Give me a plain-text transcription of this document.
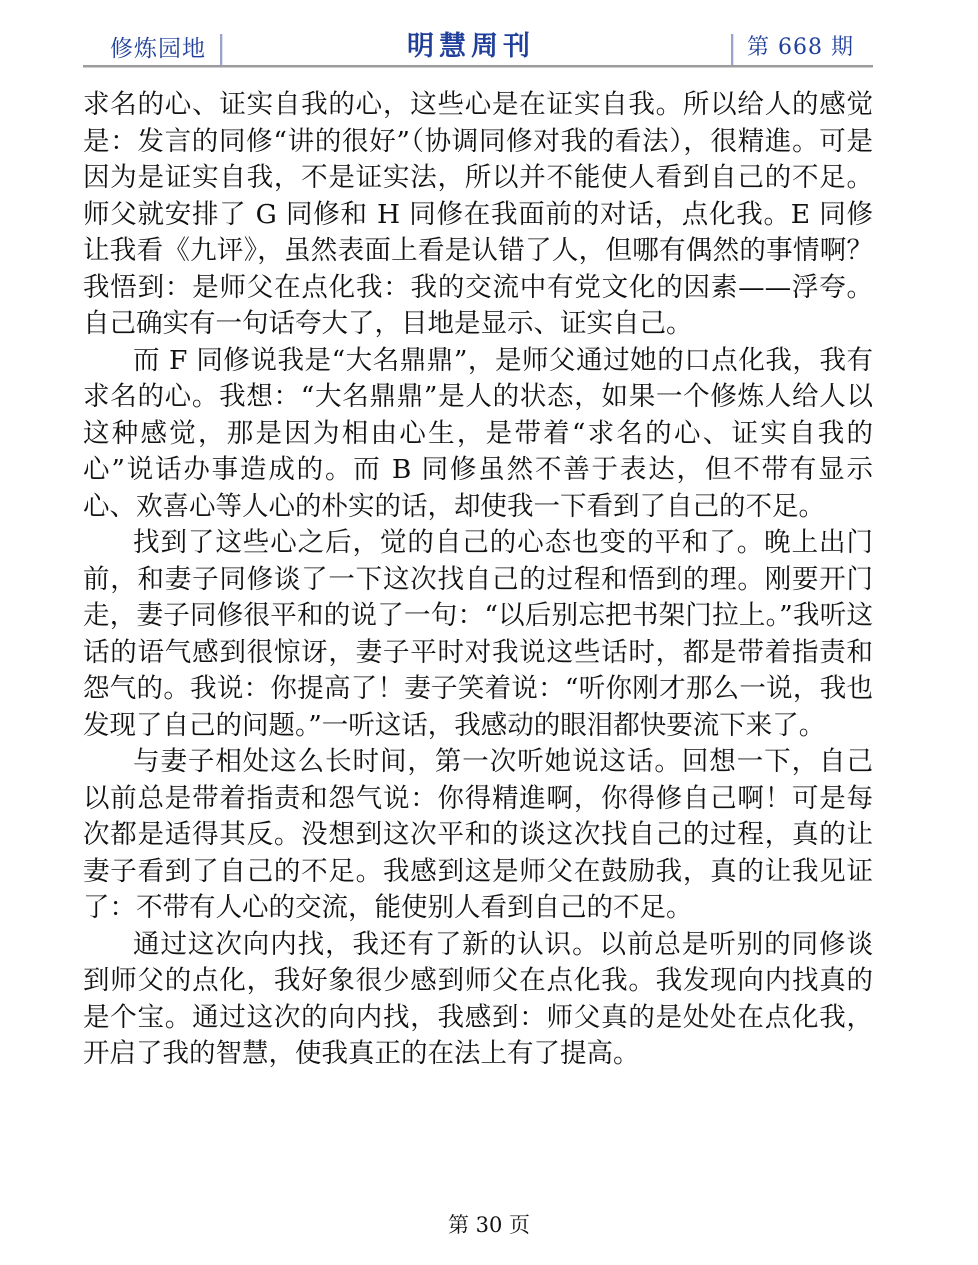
修炼园地	明慧周刊	第 668 期

求名的心、证实自我的心，这些心是在证实自我。所以给人的感觉是：发言的同修“讲的很好”（协调同修对我的看法），很精進。可是因为是证实自我，不是证实法，所以并不能使人看到自己的不足。师父就安排了 G 同修和 H 同修在我面前的对话，点化我。E 同修让我看《九评》，虽然表面上看是认错了人，但哪有偶然的事情啊？我悟到：是师父在点化我：我的交流中有党文化的因素——浮夸。自己确实有一句话夸大了，目地是显示、证实自己。

而 F 同修说我是“大名鼎鼎”，是师父通过她的口点化我，我有求名的心。我想：“大名鼎鼎”是人的状态，如果一个修炼人给人以这种感觉，那是因为相由心生，是带着“求名的心、证实自我的心”说话办事造成的。而 B 同修虽然不善于表达，但不带有显示心、欢喜心等人心的朴实的话，却使我一下看到了自己的不足。

找到了这些心之后，觉的自己的心态也变的平和了。晚上出门前，和妻子同修谈了一下这次找自己的过程和悟到的理。刚要开门走，妻子同修很平和的说了一句：“以后别忘把书架门拉上。”我听这话的语气感到很惊讶，妻子平时对我说这些话时，都是带着指责和怨气的。我说：你提高了！妻子笑着说：“听你刚才那么一说，我也发现了自己的问题。”一听这话，我感动的眼泪都快要流下来了。

与妻子相处这么长时间，第一次听她说这话。回想一下，自己以前总是带着指责和怨气说：你得精進啊，你得修自己啊！可是每次都是适得其反。没想到这次平和的谈这次找自己的过程，真的让妻子看到了自己的不足。我感到这是师父在鼓励我，真的让我见证了：不带有人心的交流，能使别人看到自己的不足。

通过这次向内找，我还有了新的认识。以前总是听别的同修谈到师父的点化，我好象很少感到师父在点化我。我发现向内找真的是个宝。通过这次的向内找，我感到：师父真的是处处在点化我，开启了我的智慧，使我真正的在法上有了提高。

第 30 页
